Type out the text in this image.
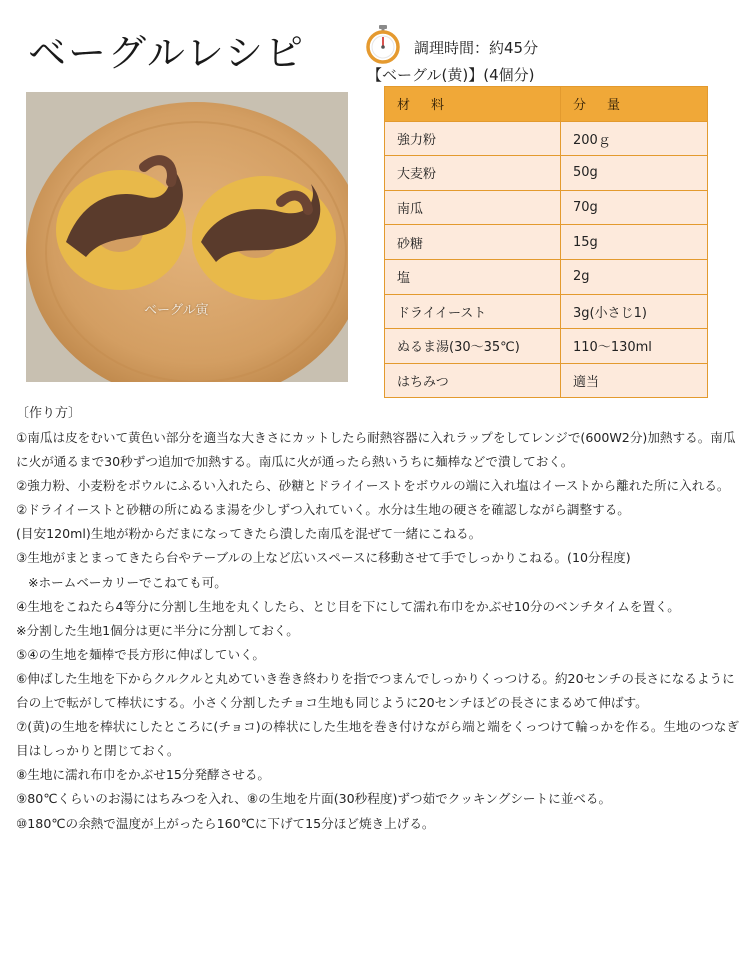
ベーグルレシピ	調理時間：約45分
【ベーグル(黄)】(4個分)
ベーグル寅
材　料	分　量
強力粉	200ｇ
大麦粉	50g
南瓜	70g
砂糖	15g
塩	2g
ドライイースト	3g(小さじ1)
ぬるま湯(30～35℃)	110～130ml
はちみつ	適当
〔作り方〕

①南瓜は皮をむいて黄色い部分を適当な大きさにカットしたら耐熱容器に入れラップをしてレンジで(600W2分)加熱する。南瓜に火が通るまで30秒ずつ追加で加熱する。南瓜に火が通ったら熱いうちに麺棒などで潰しておく。

②強力粉、小麦粉をボウルにふるい入れたら、砂糖とドライイーストをボウルの端に入れ塩はイーストから離れた所に入れる。

②ドライイーストと砂糖の所にぬるま湯を少しずつ入れていく。水分は生地の硬さを確認しながら調整する。

(目安120ml)生地が粉からだまになってきたら潰した南瓜を混ぜて一緒にこねる。

③生地がまとまってきたら台やテーブルの上など広いスペースに移動させて手でしっかりこねる。(10分程度)

※ホームベーカリーでこねても可。

④生地をこねたら4等分に分割し生地を丸くしたら、とじ目を下にして濡れ布巾をかぶせ10分のベンチタイムを置く。

※分割した生地1個分は更に半分に分割しておく。

⑤④の生地を麺棒で長方形に伸ばしていく。

⑥伸ばした生地を下からクルクルと丸めていき巻き終わりを指でつまんでしっかりくっつける。約20センチの長さになるように台の上で転がして棒状にする。小さく分割したチョコ生地も同じように20センチほどの長さにまるめて伸ばす。

⑦(黄)の生地を棒状にしたところに(チョコ)の棒状にした生地を巻き付けながら端と端をくっつけて輪っかを作る。生地のつなぎ目はしっかりと閉じておく。

⑧生地に濡れ布巾をかぶせ15分発酵させる。

⑨80℃くらいのお湯にはちみつを入れ、⑧の生地を片面(30秒程度)ずつ茹でクッキングシートに並べる。

⑩180℃の余熱で温度が上がったら160℃に下げて15分ほど焼き上げる。
